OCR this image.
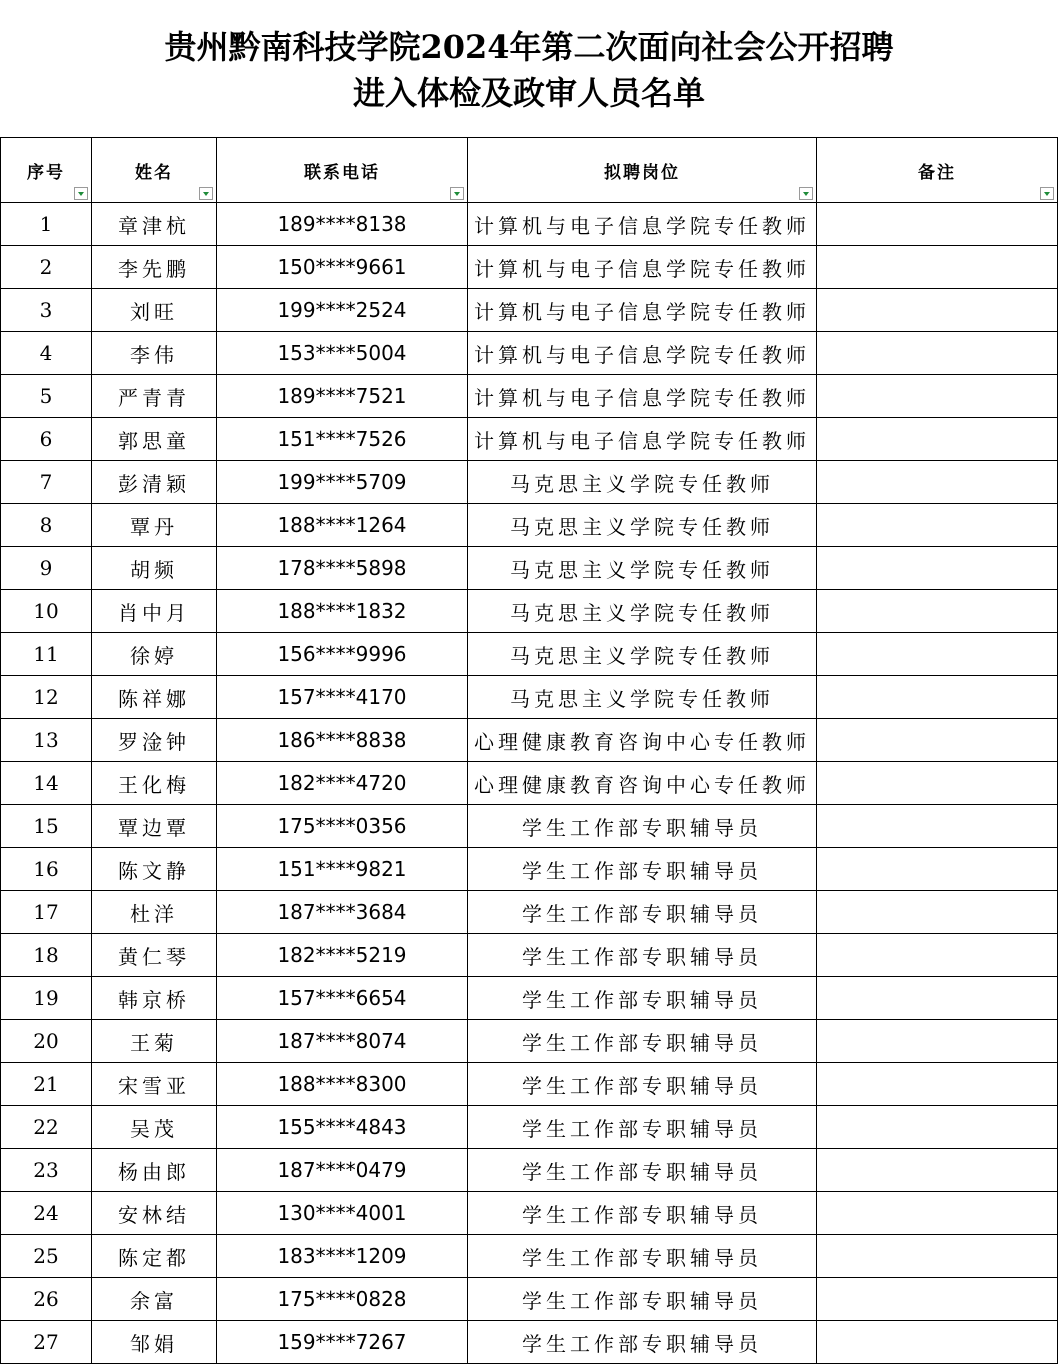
贵州黔南科技学院2024年第二次面向社会公开招聘
进入体检及政审人员名单
序号	姓名	联系电话	拟聘岗位	备注

1	章津杭	189****8138	计算机与电子信息学院专任教师	
2	李先鹏	150****9661	计算机与电子信息学院专任教师	
3	刘旺	199****2524	计算机与电子信息学院专任教师	
4	李伟	153****5004	计算机与电子信息学院专任教师	
5	严青青	189****7521	计算机与电子信息学院专任教师	
6	郭思童	151****7526	计算机与电子信息学院专任教师	
7	彭清颖	199****5709	马克思主义学院专任教师	
8	覃丹	188****1264	马克思主义学院专任教师	
9	胡频	178****5898	马克思主义学院专任教师	
10	肖中月	188****1832	马克思主义学院专任教师	
11	徐婷	156****9996	马克思主义学院专任教师	
12	陈祥娜	157****4170	马克思主义学院专任教师	
13	罗淦钟	186****8838	心理健康教育咨询中心专任教师	
14	王化梅	182****4720	心理健康教育咨询中心专任教师	
15	覃边覃	175****0356	学生工作部专职辅导员	
16	陈文静	151****9821	学生工作部专职辅导员	
17	杜洋	187****3684	学生工作部专职辅导员	
18	黄仁琴	182****5219	学生工作部专职辅导员	
19	韩京桥	157****6654	学生工作部专职辅导员	
20	王菊	187****8074	学生工作部专职辅导员	
21	宋雪亚	188****8300	学生工作部专职辅导员	
22	吴茂	155****4843	学生工作部专职辅导员	
23	杨由郎	187****0479	学生工作部专职辅导员	
24	安林结	130****4001	学生工作部专职辅导员	
25	陈定都	183****1209	学生工作部专职辅导员	
26	余富	175****0828	学生工作部专职辅导员	
27	邹娟	159****7267	学生工作部专职辅导员	
